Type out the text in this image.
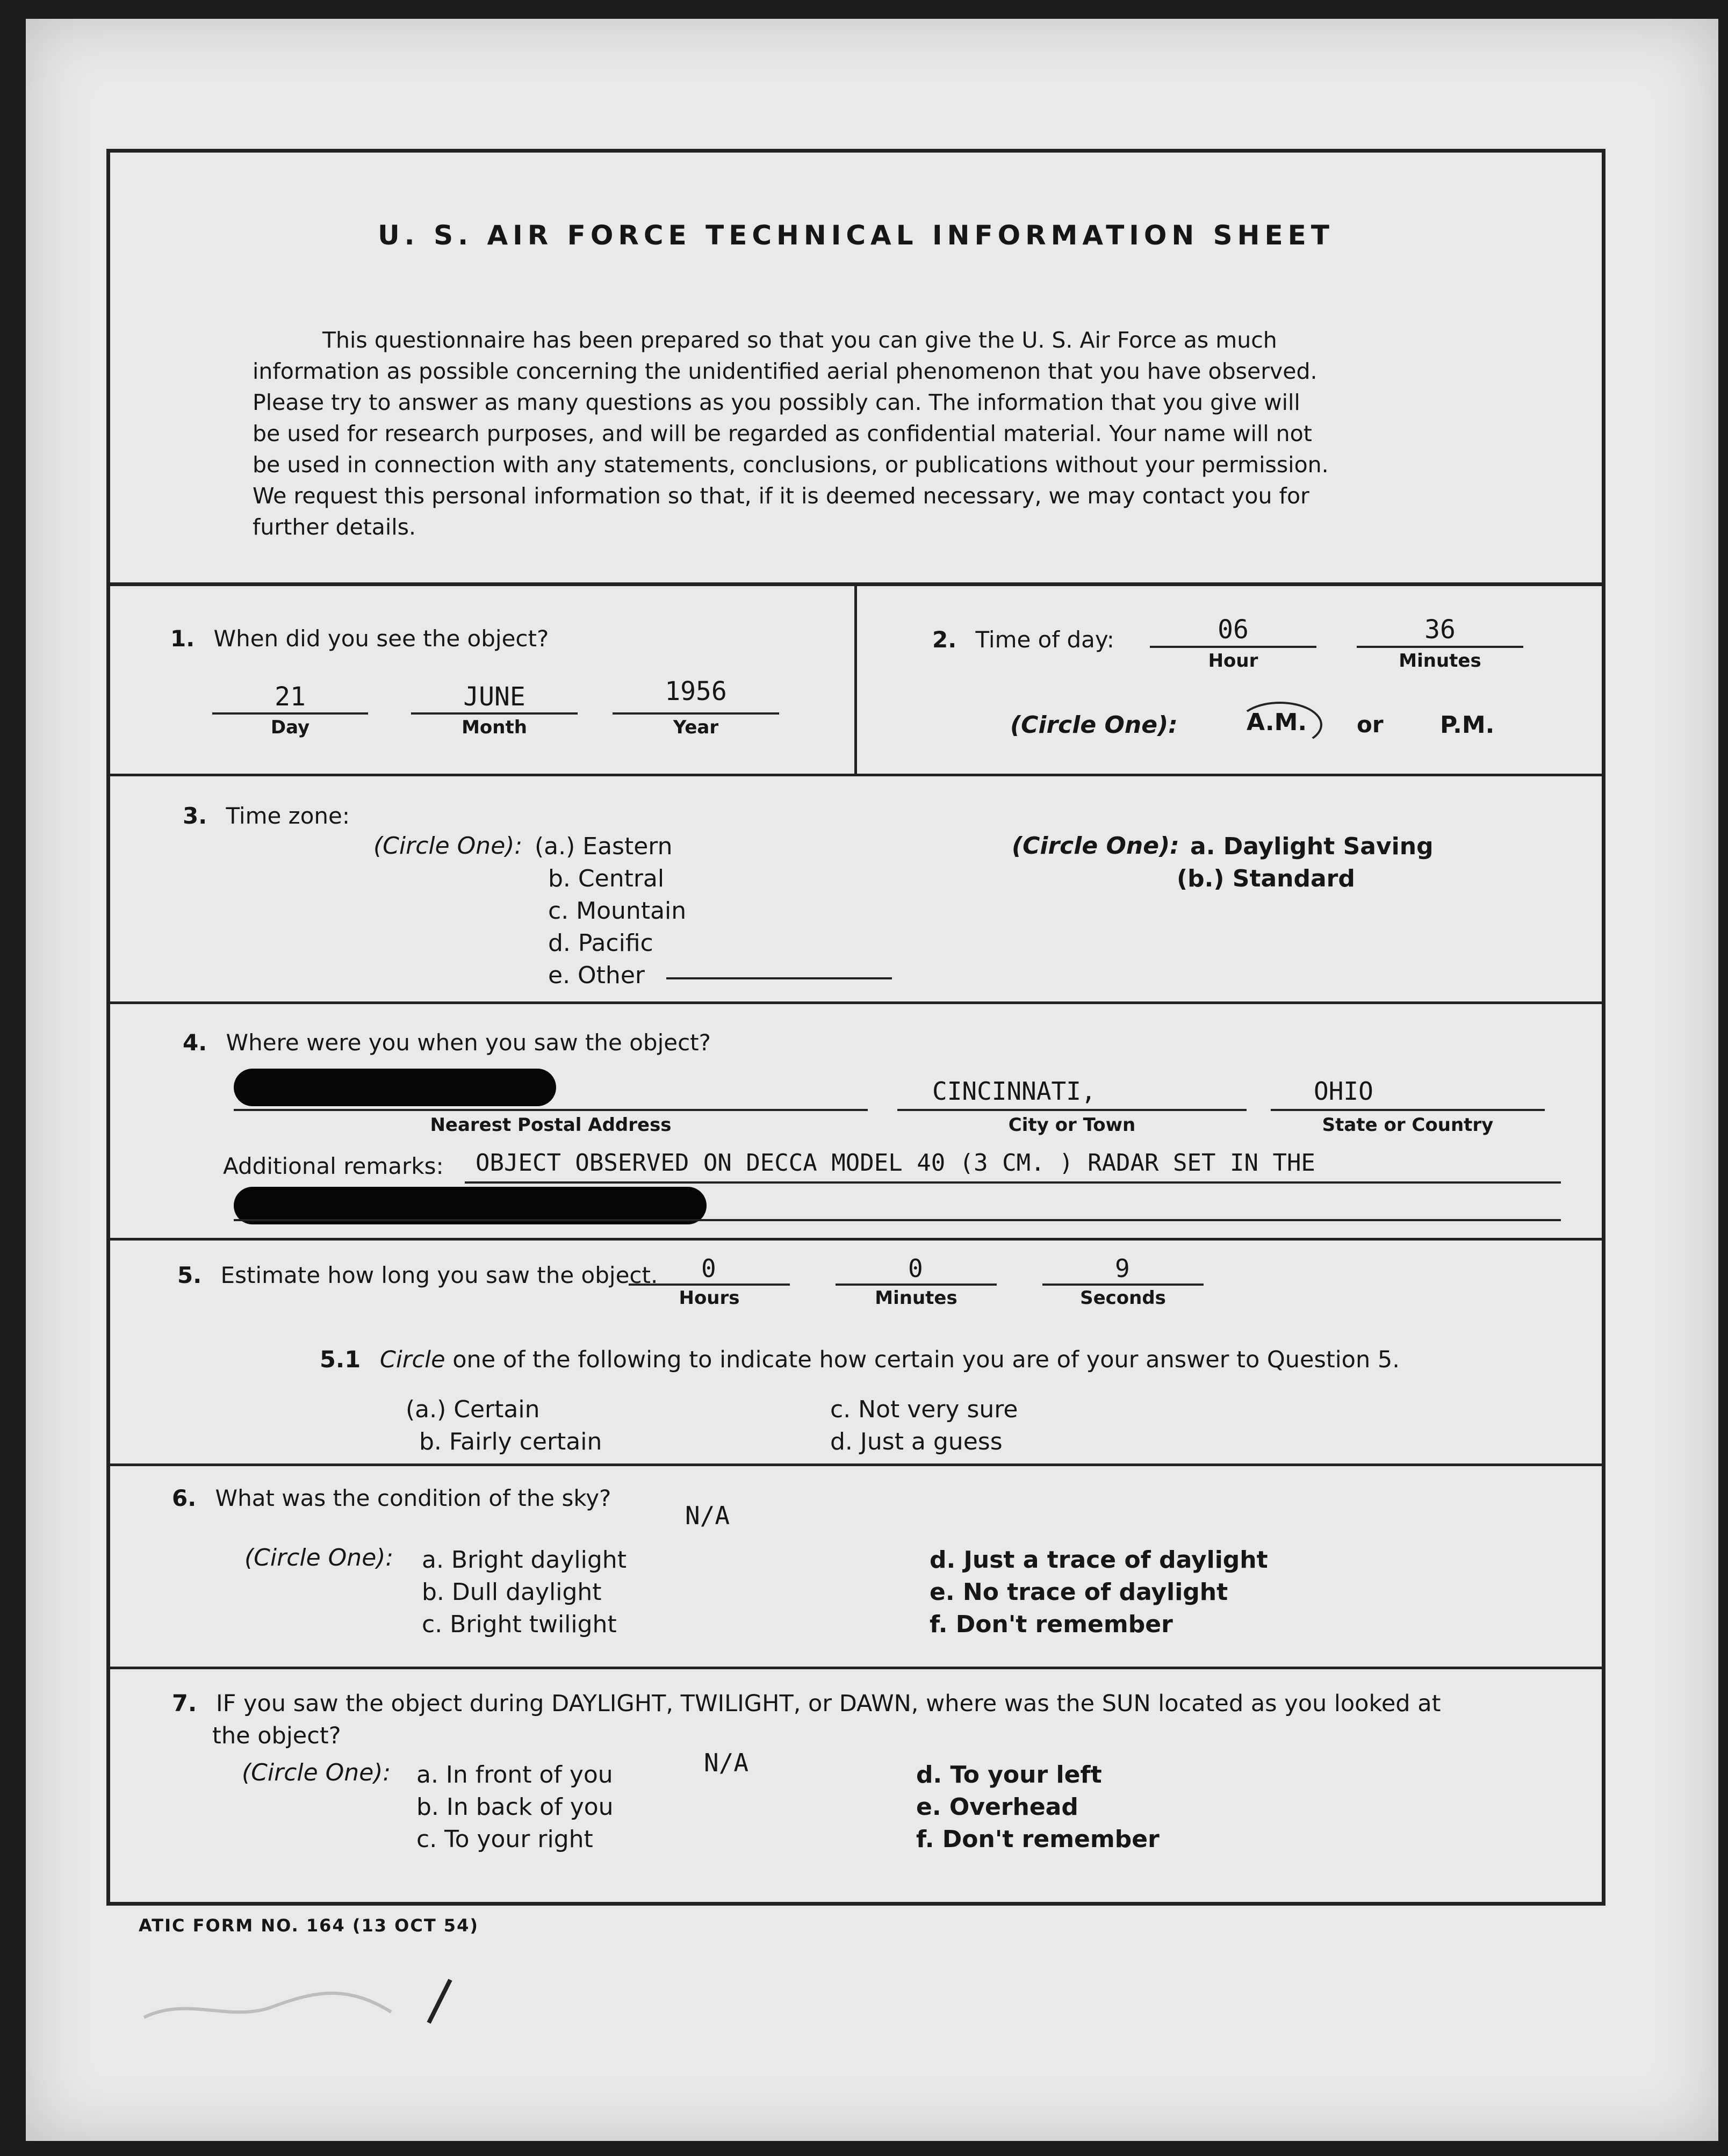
U. S. AIR FORCE TECHNICAL INFORMATION SHEET
This questionnaire has been prepared so that you can give the U. S. Air Force as much
information as possible concerning the unidentified aerial phenomenon that you have observed.
Please try to answer as many questions as you possibly can. The information that you give will
be used for research purposes, and will be regarded as confidential material. Your name will not
be used in connection with any statements, conclusions, or publications without your permission.
We request this personal information so that, if it is deemed necessary, we may contact you for
further details.
1. When did you see the object?
21
Day
JUNE
Month
1956
Year
2. Time of day:	06
Hour
36
Minutes
(Circle One):	A.M. or P.M.
3. Time zone:
(Circle One): (a.) Eastern
b. Central
c. Mountain
d. Pacific
e. Other
(Circle One): a. Daylight Saving
(b.) Standard
4. Where were you when you saw the object?
Nearest Postal Address
CINCINNATI,
City or Town
OHIO
State or Country
Additional remarks: OBJECT OBSERVED ON DECCA MODEL 40 (3 CM. ) RADAR SET IN THE
5. Estimate how long you saw the object. 0
Hours
0
Minutes
9
Seconds
5.1 Circle one of the following to indicate how certain you are of your answer to Question 5.
(a.) Certain
b. Fairly certain
c. Not very sure
d. Just a guess
6. What was the condition of the sky?
N/A
(Circle One): a. Bright daylight
b. Dull daylight
c. Bright twilight
d. Just a trace of daylight
e. No trace of daylight
f. Don't remember
7. IF you saw the object during DAYLIGHT, TWILIGHT, or DAWN, where was the SUN located as you looked at
the object?
N/A
(Circle One): a. In front of you
b. In back of you
c. To your right
d. To your left
e. Overhead
f. Don't remember
ATIC FORM NO. 164 (13 OCT 54)
